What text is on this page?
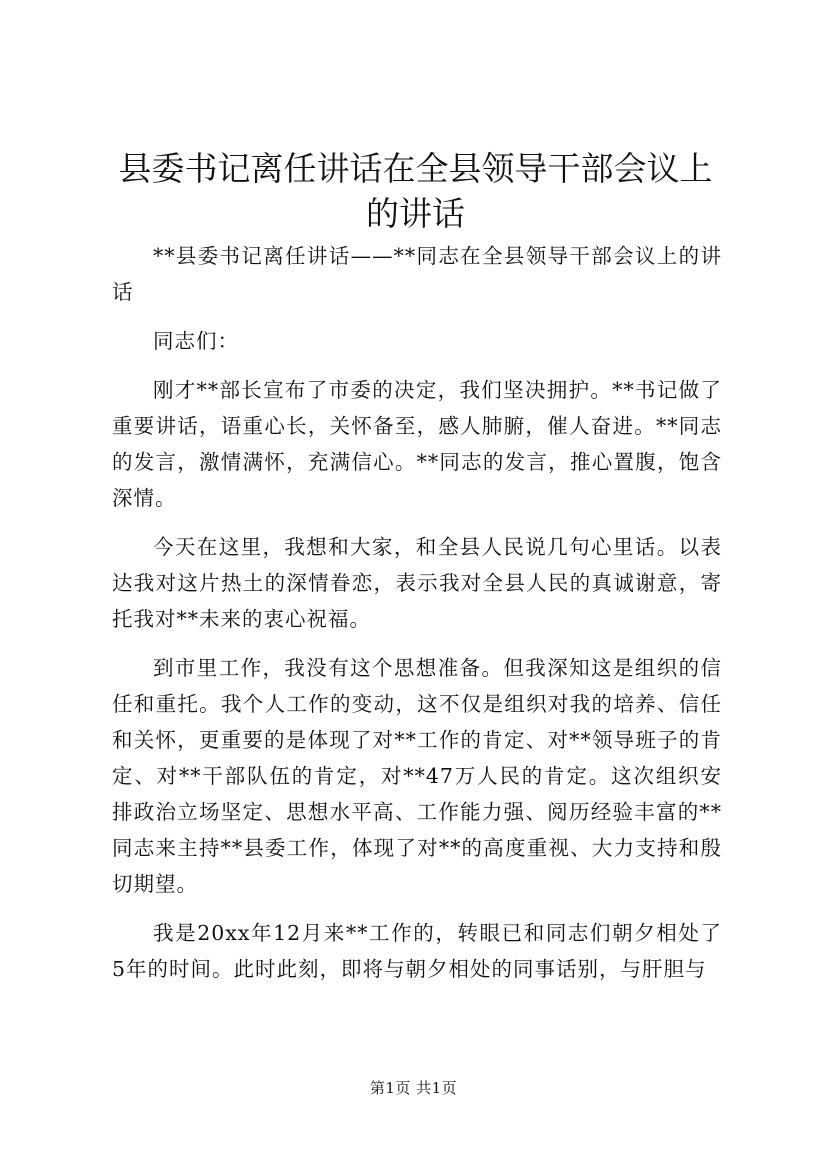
县委书记离任讲话在全县领导干部会议上的讲话

**县委书记离任讲话——**同志在全县领导干部会议上的讲话

同志们：

刚才**部长宣布了市委的决定，我们坚决拥护。**书记做了重要讲话，语重心长，关怀备至，感人肺腑，催人奋进。**同志的发言，激情满怀，充满信心。**同志的发言，推心置腹，饱含深情。

今天在这里，我想和大家，和全县人民说几句心里话。以表达我对这片热土的深情眷恋，表示我对全县人民的真诚谢意，寄托我对**未来的衷心祝福。

到市里工作，我没有这个思想准备。但我深知这是组织的信任和重托。我个人工作的变动，这不仅是组织对我的培养、信任和关怀，更重要的是体现了对**工作的肯定、对**领导班子的肯定、对**干部队伍的肯定，对**47万人民的肯定。这次组织安排政治立场坚定、思想水平高、工作能力强、阅历经验丰富的**同志来主持**县委工作，体现了对**的高度重视、大力支持和殷切期望。

我是20xx年12月来**工作的，转眼已和同志们朝夕相处了5年的时间。此时此刻，即将与朝夕相处的同事话别，与肝胆与

第1页 共1页
